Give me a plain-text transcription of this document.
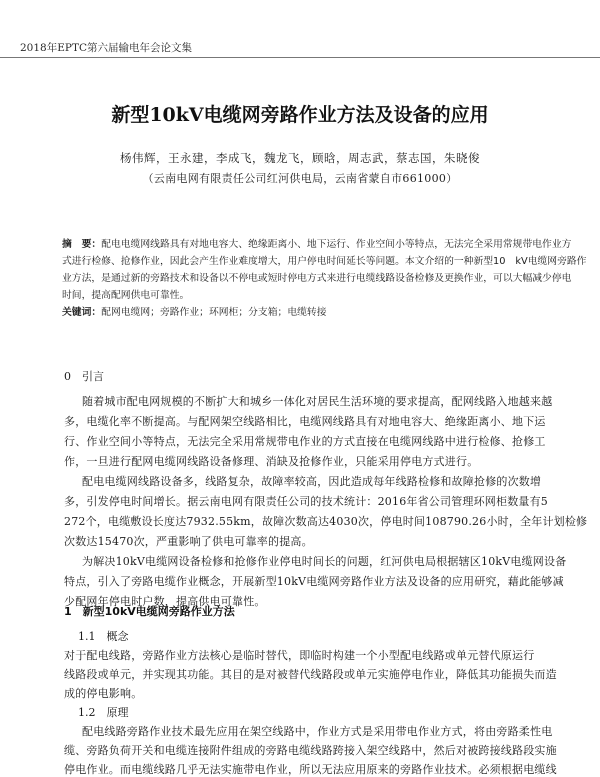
2018年EPTC第六届输电年会论文集
新型10kV电缆网旁路作业方法及设备的应用
杨伟辉，王永建，李成飞，魏龙飞，顾晗，周志武，蔡志国，朱晓俊
（云南电网有限责任公司红河供电局，云南省蒙自市661000）
摘　要：配电电缆网线路具有对地电容大、绝缘距离小、地下运行、作业空间小等特点，无法完全采用常规带电作业方
式进行检修、抢修作业，因此会产生作业难度增大，用户停电时间延长等问题。本文介绍的一种新型10　kV电缆网旁路作
业方法，是通过新的旁路技术和设备以不停电或短时停电方式来进行电缆线路设备检修及更换作业，可以大幅减少停电
时间，提高配网供电可靠性。
关键词：配网电缆网；旁路作业；环网柜；分支箱；电缆转接
0　引言
随着城市配电网规模的不断扩大和城乡一体化对居民生活环境的要求提高，配网线路入地越来越
多，电缆化率不断提高。与配网架空线路相比，电缆网线路具有对地电容大、绝缘距离小、地下运
行、作业空间小等特点，无法完全采用常规带电作业的方式直接在电缆网线路中进行检修、抢修工
作，一旦进行配网电缆网线路设备修理、消缺及抢修作业，只能采用停电方式进行。
配电电缆网线路设备多，线路复杂，故障率较高，因此造成每年线路检修和故障抢修的次数增
多，引发停电时间增长。据云南电网有限责任公司的技术统计：2016年省公司管理环网柜数量有5
272个，电缆敷设长度达7932.55km，故障次数高达4030次，停电时间108790.26小时，全年计划检修
次数达15470次，严重影响了供电可靠率的提高。
为解决10kV电缆网设备检修和抢修作业停电时间长的问题，红河供电局根据辖区10kV电缆网设备
特点，引入了旁路电缆作业概念，开展新型10kV电缆网旁路作业方法及设备的应用研究，藉此能够减
少配网年停电时户数，提高供电可靠性。
1　新型10kV电缆网旁路作业方法
1.1　概念
对于配电线路，旁路作业方法核心是临时替代，即临时构建一个小型配电线路或单元替代原运行
线路段或单元，并实现其功能。其目的是对被替代线路段或单元实施停电作业，降低其功能损失而造
成的停电影响。
1.2　原理
配电线路旁路作业技术最先应用在架空线路中，作业方式是采用带电作业方式，将由旁路柔性电
缆、旁路负荷开关和电缆连接附件组成的旁路电缆线路跨接入架空线路中，然后对被跨接线路段实施
停电作业。而电缆线路几乎无法实施带电作业，所以无法应用原来的旁路作业技术。必须根据电缆线
